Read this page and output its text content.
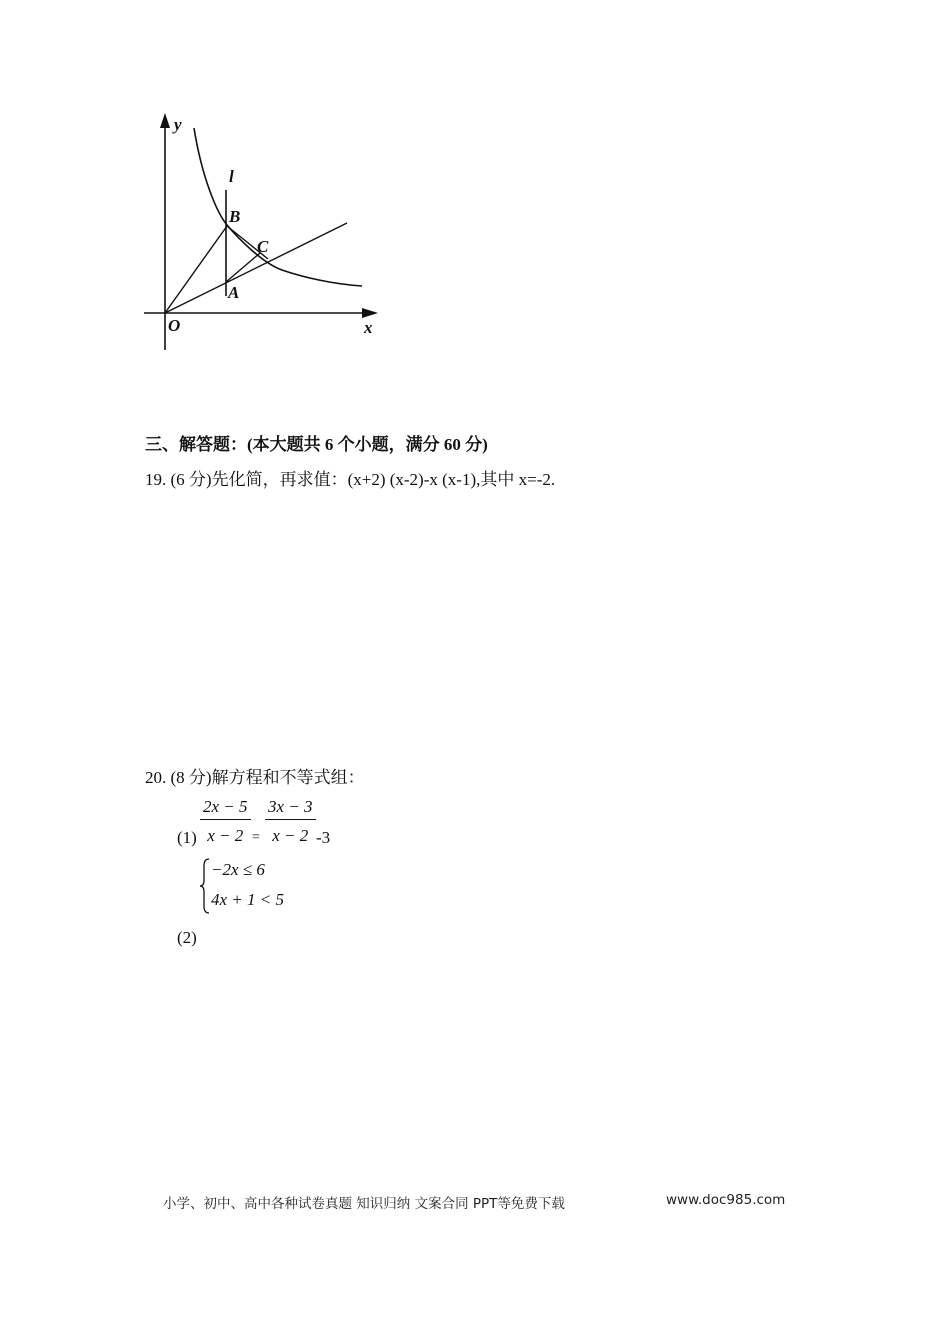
y
l
B
C
A
O	x
三、解答题：(本大题共 6 个小题，满分 60 分)
19. (6 分)先化简，再求值：(x+2) (x-2)-x (x-1),其中 x=-2.
20. (8 分)解方程和不等式组：
$(1) \frac{2x - 5}{x - 2} = \frac{3x - 3}{x - 2} -3$
−2x ≤ 6
4x + 1 < 5
(2)
小学、初中、高中各种试卷真题 知识归纳 文案合同 PPT等免费下载	www.doc985.com
